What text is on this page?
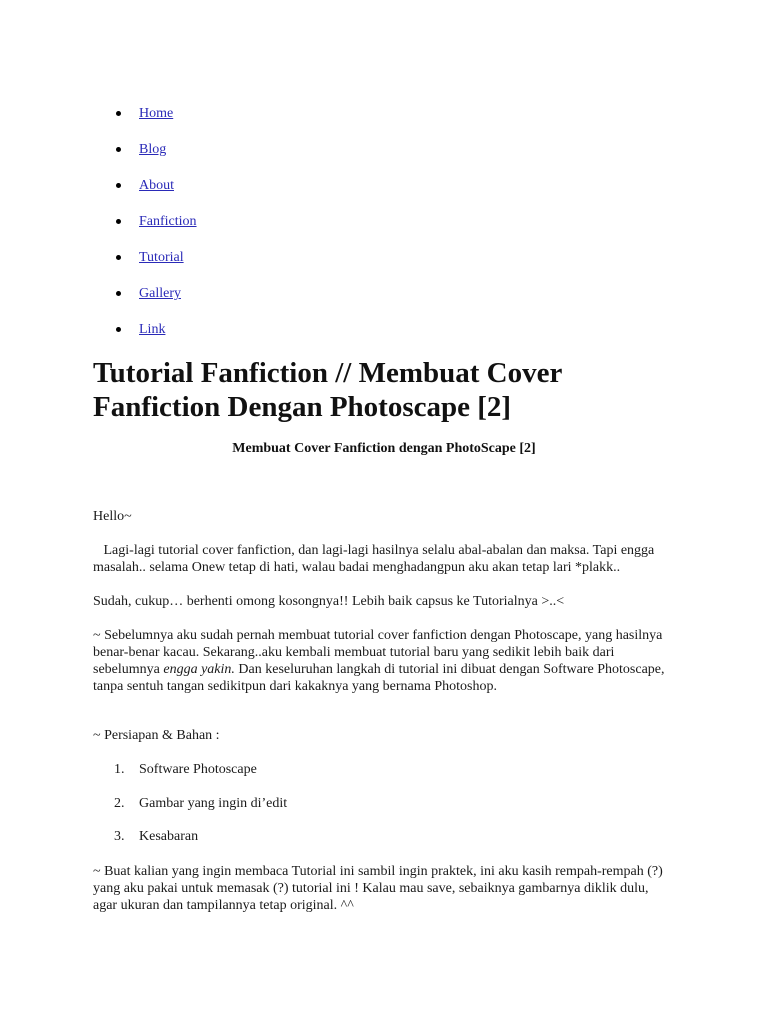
Home
Blog
About
Fanfiction
Tutorial
Gallery
Link
Tutorial Fanfiction // Membuat Cover Fanfiction Dengan Photoscape [2]

Membuat Cover Fanfiction dengan PhotoScape [2]

Hello~

Lagi-lagi tutorial cover fanfiction, dan lagi-lagi hasilnya selalu abal-abalan dan maksa. Tapi engga masalah.. selama Onew tetap di hati, walau badai menghadangpun aku akan tetap lari *plakk..

Sudah, cukup… berhenti omong kosongnya!! Lebih baik capsus ke Tutorialnya >..<

~ Sebelumnya aku sudah pernah membuat tutorial cover fanfiction dengan Photoscape, yang hasilnya benar-benar kacau. Sekarang..aku kembali membuat tutorial baru yang sedikit lebih baik dari sebelumnya engga yakin. Dan keseluruhan langkah di tutorial ini dibuat dengan Software Photoscape, tanpa sentuh tangan sedikitpun dari kakaknya yang bernama Photoshop.

~ Persiapan & Bahan :

1. Software Photoscape
2. Gambar yang ingin di’edit
3. Kesabaran

~ Buat kalian yang ingin membaca Tutorial ini sambil ingin praktek, ini aku kasih rempah-rempah (?) yang aku pakai untuk memasak (?) tutorial ini ! Kalau mau save, sebaiknya gambarnya diklik dulu, agar ukuran dan tampilannya tetap original. ^^
